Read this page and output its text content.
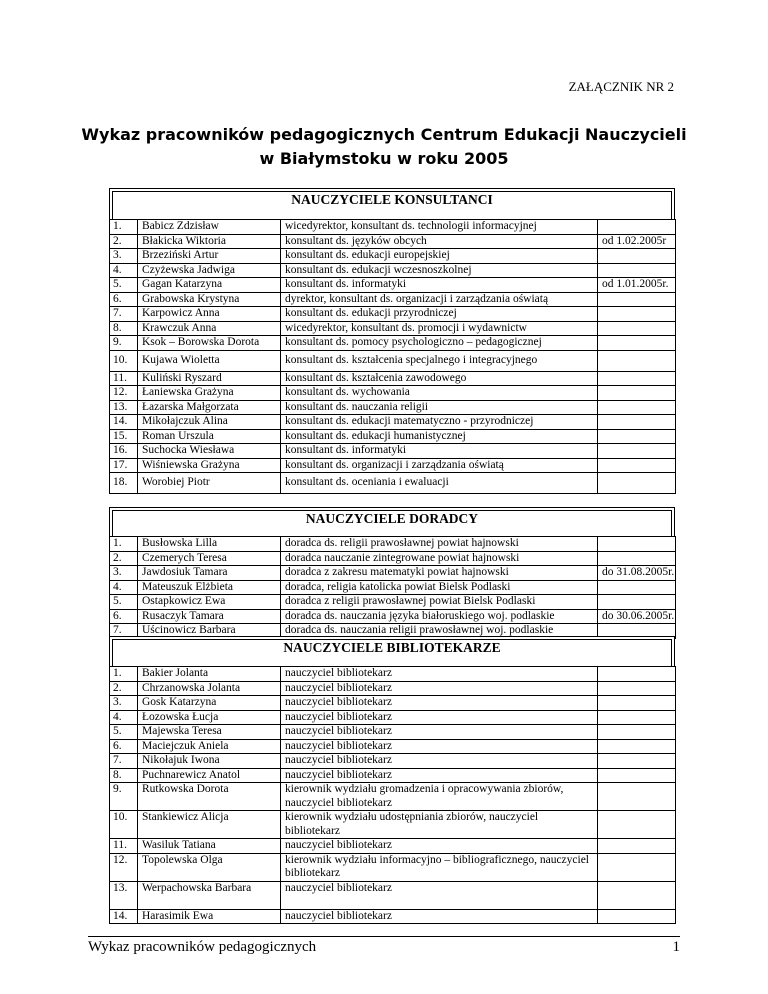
ZAŁĄCZNIK NR 2
Wykaz pracowników pedagogicznych Centrum Edukacji Nauczycieli
w Białymstoku w roku 2005
NAUCZYCIELE KONSULTANCI
1.	Babicz Zdzisław	wicedyrektor, konsultant ds. technologii informacyjnej	
2.	Błakicka Wiktoria	konsultant ds. języków obcych	od 1.02.2005r
3.	Brzeziński Artur	konsultant ds. edukacji europejskiej	
4.	Czyżewska Jadwiga	konsultant ds. edukacji wczesnoszkolnej	
5.	Gagan Katarzyna	konsultant ds. informatyki	od 1.01.2005r.
6.	Grabowska Krystyna	dyrektor, konsultant ds. organizacji i zarządzania oświatą	
7.	Karpowicz Anna	konsultant ds. edukacji przyrodniczej	
8.	Krawczuk Anna	wicedyrektor, konsultant ds. promocji i wydawnictw	
9.	Ksok – Borowska Dorota	konsultant ds. pomocy psychologiczno – pedagogicznej	
10.	Kujawa Wioletta	konsultant ds. kształcenia specjalnego i integracyjnego	
11.	Kuliński Ryszard	konsultant ds. kształcenia zawodowego	
12.	Łaniewska Grażyna	konsultant ds. wychowania	
13.	Łazarska Małgorzata	konsultant ds. nauczania religii	
14.	Mikołajczuk Alina	konsultant ds. edukacji matematyczno - przyrodniczej	
15.	Roman Urszula	konsultant ds. edukacji humanistycznej	
16.	Suchocka Wiesława	konsultant ds. informatyki	
17.	Wiśniewska Grażyna	konsultant ds. organizacji i zarządzania oświatą	
18.	Worobiej Piotr	konsultant ds. oceniania i ewaluacji	
NAUCZYCIELE DORADCY
1.	Busłowska Lilla	doradca ds. religii prawosławnej powiat hajnowski	
2.	Czemerych Teresa	doradca nauczanie zintegrowane powiat hajnowski	
3.	Jawdosiuk Tamara	doradca z zakresu matematyki powiat hajnowski	do 31.08.2005r.
4.	Mateuszuk Elżbieta	doradca, religia katolicka powiat Bielsk Podlaski	
5.	Ostapkowicz Ewa	doradca z religii prawosławnej powiat Bielsk Podlaski	
6.	Rusaczyk Tamara	doradca ds. nauczania języka białoruskiego woj. podlaskie	do 30.06.2005r.
7.	Uścinowicz Barbara	doradca ds. nauczania religii prawosławnej woj. podlaskie	
NAUCZYCIELE BIBLIOTEKARZE
1.	Bakier Jolanta	nauczyciel bibliotekarz	
2.	Chrzanowska Jolanta	nauczyciel bibliotekarz	
3.	Gosk Katarzyna	nauczyciel bibliotekarz	
4.	Łozowska Łucja	nauczyciel bibliotekarz	
5.	Majewska Teresa	nauczyciel bibliotekarz	
6.	Maciejczuk Aniela	nauczyciel bibliotekarz	
7.	Nikołajuk Iwona	nauczyciel bibliotekarz	
8.	Puchnarewicz Anatol	nauczyciel bibliotekarz	
9.	Rutkowska Dorota	kierownik wydziału gromadzenia i opracowywania zbiorów, nauczyciel bibliotekarz	
10.	Stankiewicz Alicja	kierownik wydziału udostępniania zbiorów, nauczyciel bibliotekarz	
11.	Wasiluk Tatiana	nauczyciel bibliotekarz	
12.	Topolewska Olga	kierownik wydziału informacyjno – bibliograficznego, nauczyciel bibliotekarz	
13.	Werpachowska Barbara	nauczyciel bibliotekarz	
14.	Harasimik Ewa	nauczyciel bibliotekarz	
Wykaz pracowników pedagogicznych	1
